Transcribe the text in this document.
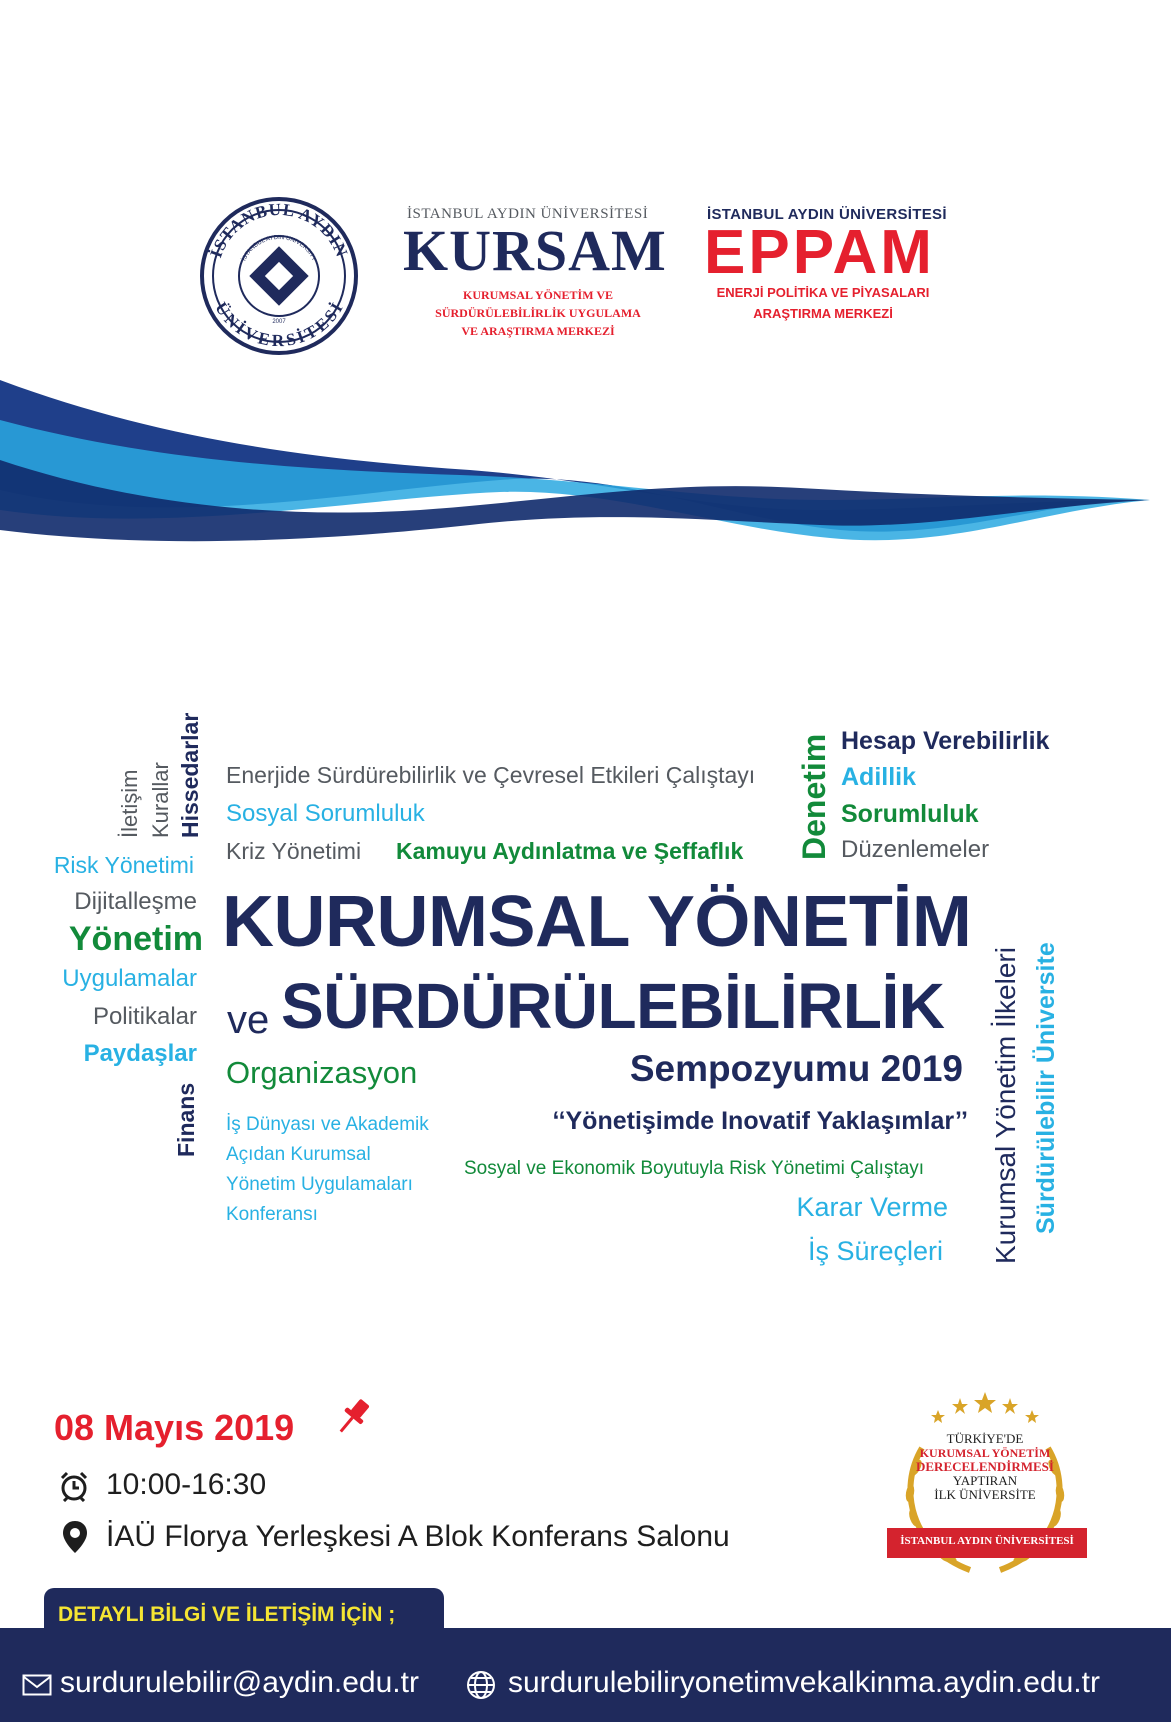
İSTANBUL AYDIN
ÜNİVERSİTESİ
İSTANBUL AYDIN UNIVERSITY
2007
İSTANBUL AYDIN ÜNİVERSİTESİ
KURSAM
KURUMSAL YÖNETİM VE
SÜRDÜRÜLEBİLİRLİK UYGULAMA
VE ARAŞTIRMA MERKEZİ
İSTANBUL AYDIN ÜNİVERSİTESİ
EPPAM
ENERJİ POLİTİKA VE PİYASALARI
ARAŞTIRMA MERKEZİ
İletişim Kurallar Hissedarlar Enerjide Sürdürebilirlik ve Çevresel Etkileri Çalıştayı
Sosyal Sorumluluk
Kriz Yönetimi Kamuyu Aydınlatma ve Şeffaflık Denetim Hesap Verebilirlik
Adillik
Sorumluluk
Düzenlemeler
Risk Yönetimi
Dijitalleşme
Yönetim
Uygulamalar
Politikalar
Paydaşlar
Finans
Organizasyon
İş Dünyası ve Akademik
Açıdan Kurumsal
Yönetim Uygulamaları
Konferansı
Sosyal ve Ekonomik Boyutuyla Risk Yönetimi Çalıştayı
Karar Verme
İş Süreçleri Kurumsal Yönetim İlkeleri Sürdürülebilir Üniversite
KURUMSAL YÖNETİM
ve SÜRDÜRÜLEBİLİRLİK
Sempozyumu 2019
‘‘Yönetişimde Inovatif Yaklaşımlar’’
08 Mayıs 2019
10:00-16:30
İAÜ Florya Yerleşkesi A Blok Konferans Salonu
TÜRKİYE'DE
KURUMSAL YÖNETİM
DERECELENDİRMESİ
YAPTIRAN
İLK ÜNİVERSİTE
İSTANBUL AYDIN ÜNİVERSİTESİ
DETAYLI BİLGİ VE İLETİŞİM İÇİN ;
surdurulebilir@aydin.edu.tr	surdurulebiliryonetimvekalkinma.aydin.edu.tr
